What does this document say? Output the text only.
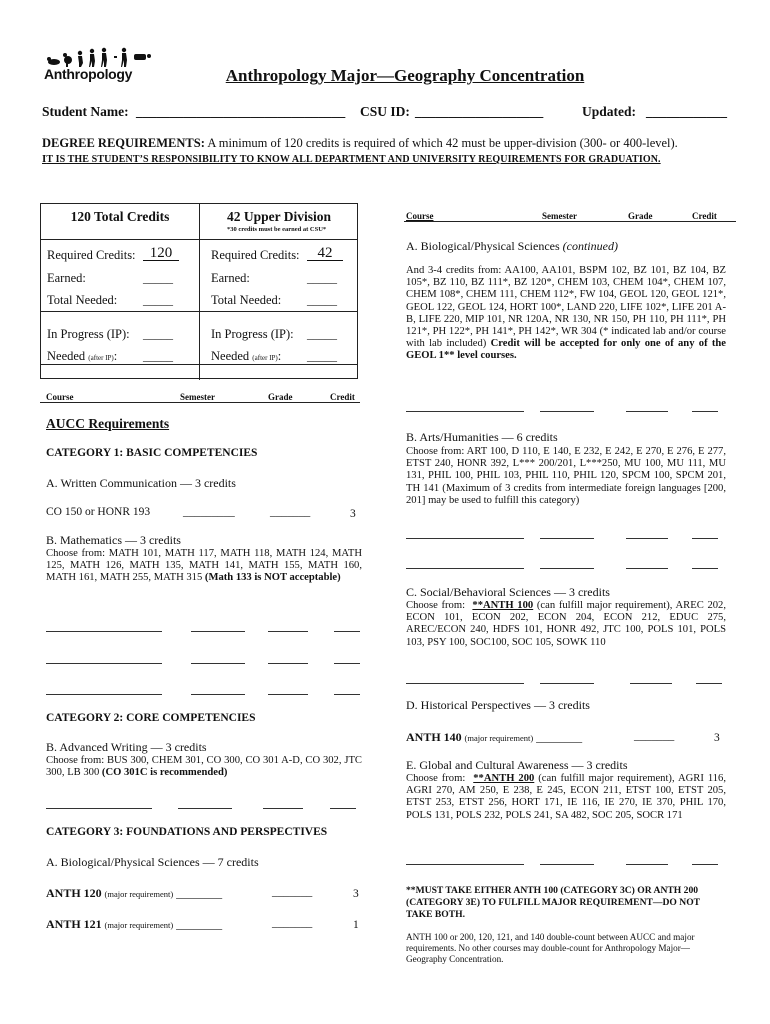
Anthropology	Anthropology Major—Geography Concentration
Student Name: _______________________________ CSU ID: ___________________	Updated: ____________
DEGREE REQUIREMENTS: A minimum of 120 credits is required of which 42 must be upper-division (300- or 400-level).
IT IS THE STUDENT’S RESPONSIBILITY TO KNOW ALL DEPARTMENT AND UNIVERSITY REQUIREMENTS FOR GRADUATION.
120 Total Credits	42 Upper Division
*30 credits must be earned at CSU*
Required Credits: 120	Required Credits:	42
Earned:	_____	Earned:	_____
Total Needed: _____	Total Needed: _____
In Progress (IP): _____	In Progress (IP): _____
Needed (after IP): _____	Needed (after IP): _____
Course	Semester	Grade	Credit
Course	Semester	Grade	Credit
AUCC Requirements
CATEGORY 1: BASIC COMPETENCIES
A. Written Communication — 3 credits
CO 150 or HONR 193	_________	_______	3
B. Mathematics — 3 credits
Choose from: MATH 101, MATH 117, MATH 118, MATH 124, MATH 125, MATH 126, MATH 135, MATH 141, MATH 155, MATH 160, MATH 161, MATH 255, MATH 315 (Math 133 is NOT acceptable)
CATEGORY 2: CORE COMPETENCIES
B. Advanced Writing — 3 credits
Choose from: BUS 300, CHEM 301, CO 300, CO 301 A-D, CO 302, JTC 300, LB 300 (CO 301C is recommended)
CATEGORY 3: FOUNDATIONS AND PERSPECTIVES
A. Biological/Physical Sciences — 7 credits
ANTH 120 (major requirement) ________	_______	3
ANTH 121 (major requirement) ________	_______	1
A. Biological/Physical Sciences (continued)
And 3-4 credits from: AA100, AA101, BSPM 102, BZ 101, BZ 104, BZ 105*, BZ 110, BZ 111*, BZ 120*, CHEM 103, CHEM 104*, CHEM 107, CHEM 108*, CHEM 111, CHEM 112*, FW 104, GEOL 120, GEOL 121*, GEOL 122, GEOL 124, HORT 100*, LAND 220, LIFE 102*, LIFE 201 A-B, LIFE 220, MIP 101, NR 120A, NR 130, NR 150, PH 110, PH 111*, PH 121*, PH 122*, PH 141*, PH 142*, WR 304 (* indicated lab and/or course with lab included) Credit will be accepted for only one of any of the GEOL 1** level courses.
B. Arts/Humanities — 6 credits
Choose from: ART 100, D 110, E 140, E 232, E 242, E 270, E 276, E 277, ETST 240, HONR 392, L*** 200/201, L***250, MU 100, MU 111, MU 131, PHIL 100, PHIL 103, PHIL 110, PHIL 120, SPCM 100, SPCM 201, TH 141 (Maximum of 3 credits from intermediate foreign languages [200, 201] may be used to fulfill this category)
C. Social/Behavioral Sciences — 3 credits
Choose from: **ANTH 100 (can fulfill major requirement), AREC 202, ECON 101, ECON 202, ECON 204, ECON 212, EDUC 275, AREC/ECON 240, HDFS 101, HONR 492, JTC 100, POLS 101, POLS 103, PSY 100, SOC100, SOC 105, SOWK 110
D. Historical Perspectives — 3 credits
ANTH 140 (major requirement) ________	_______	3
E. Global and Cultural Awareness — 3 credits
Choose from: **ANTH 200 (can fulfill major requirement), AGRI 116, AGRI 270, AM 250, E 238, E 245, ECON 211, ETST 100, ETST 205, ETST 253, ETST 256, HORT 171, IE 116, IE 270, IE 370, PHIL 170, POLS 131, POLS 232, POLS 241, SA 482, SOC 205, SOCR 171
**MUST TAKE EITHER ANTH 100 (CATEGORY 3C) OR ANTH 200 (CATEGORY 3E) TO FULFILL MAJOR REQUIREMENT—DO NOT TAKE BOTH.
ANTH 100 or 200, 120, 121, and 140 double-count between AUCC and major requirements. No other courses may double-count for Anthropology Major—Geography Concentration.
